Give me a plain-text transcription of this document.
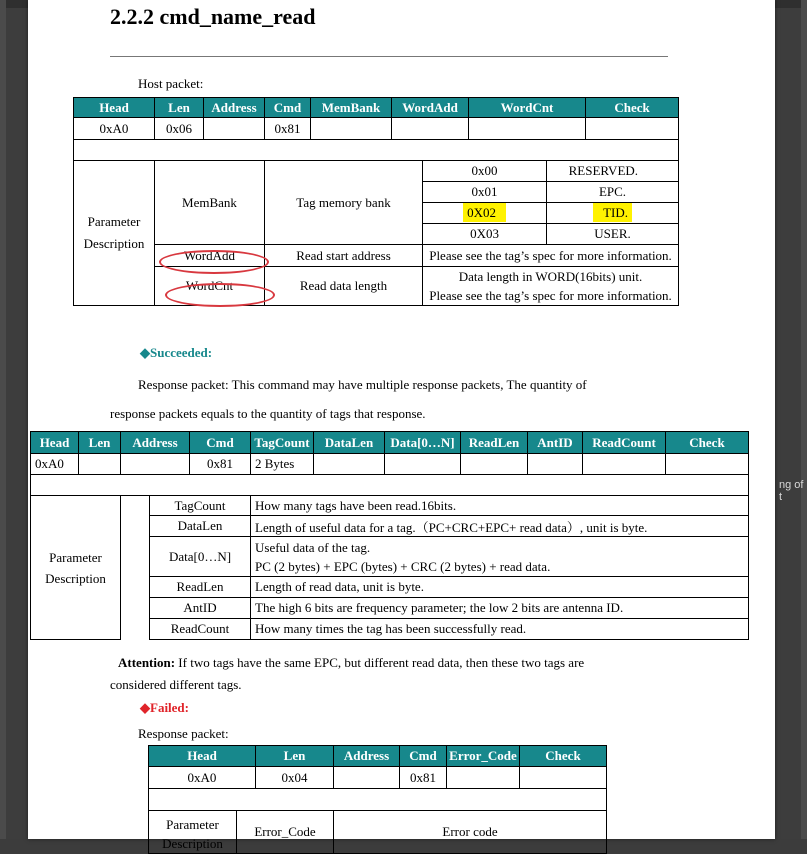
ng of t
2.2.2 cmd_name_read
Host packet:
Head	Len	Address	Cmd	MemBank	WordAdd		WordCnt		Check
0xA0	0x06		0x81						

Parameter Description	MemBank		Tag memory bank			0x00		RESERVED.	
						0x01		EPC.	
						0X02		TID.	
						0X03		USER.	
	WordAdd		Read start address			Please see the tag’s spec for more information.			
	WordCnt		Read data length			Data length in WORD(16bits) unit.
Please see the tag’s spec for more information.			
◆Succeeded:
Response packet: This command may have multiple response packets, The quantity of
response packets equals to the quantity of tags that response.
Head	Len	Address		Cmd	TagCount	DataLen	Data[0…N]	ReadLen	AntID	ReadCount	Check
0xA0				0x81	2 Bytes						

Parameter Description			TagCount		How many tags have been read.16bits.						
			DataLen		Length of useful data for a tag.（PC+CRC+EPC+ read data）, unit is byte.						
			Data[0…N]		Useful data of the tag.
PC (2 bytes) + EPC (bytes) + CRC (2 bytes) + read data.						

			ReadLen		Length of read data, unit is byte.						
			AntID		The high 6 bits are frequency parameter; the low 2 bits are antenna ID.						
			ReadCount		How many times the tag has been successfully read.						
Attention: If two tags have the same EPC, but different read data, then these two tags are
considered different tags.
◆Failed:
Response packet:
Head		Len	Address	Cmd	Error_Code	Check
0xA0		0x04		0x81		

Parameter Description	Error_Code		Error code			
